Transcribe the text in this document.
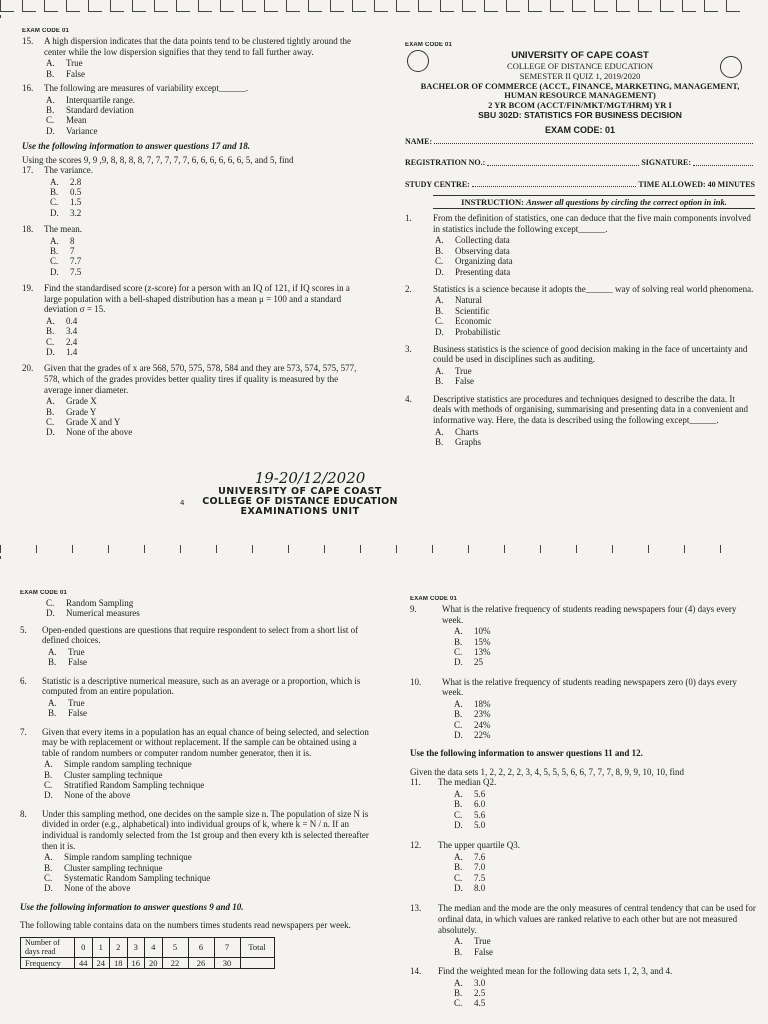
EXAM CODE 01
15.	A high dispersion indicates that the data points tend to be clustered tightly around the center while the low dispersion signifies that they tend to fall further away.
A.	True
B.	False
16.	The following are measures of variability except______.
A.	Interquartile range.
B.	Standard deviation
C.	Mean
D.	Variance
Use the following information to answer questions 17 and 18.
Using the scores 9, 9 ,9, 8, 8, 8, 8, 7, 7, 7, 7, 7, 6, 6, 6, 6, 6, 6, 5, and 5, find
17.	The variance.
A.	2.8
B.	0.5
C.	1.5
D.	3.2
18.	The mean.
A.	8
B.	7
C.	7.7
D.	7.5
19.	Find the standardised score (z-score) for a person with an IQ of 121, if IQ scores in a large population with a bell-shaped distribution has a mean μ = 100 and a standard deviation σ = 15.
A.	0.4
B.	3.4
C.	2.4
D.	1.4
20.	Given that the grades of x are 568, 570, 575, 578, 584 and they are 573, 574, 575, 577, 578, which of the grades provides better quality tires if quality is measured by the average inner diameter.
A.	Grade X
B.	Grade Y
C.	Grade X and Y
D.	None of the above
19-20/12/2020
UNIVERSITY OF CAPE COAST
COLLEGE OF DISTANCE EDUCATION
EXAMINATIONS UNIT
4
EXAM CODE 01
UNIVERSITY OF CAPE COAST
COLLEGE OF DISTANCE EDUCATION
SEMESTER II QUIZ 1, 2019/2020
BACHELOR OF COMMERCE (ACCT., FINANCE, MARKETING, MANAGEMENT,
HUMAN RESOURCE MANAGEMENT)
2 YR BCOM (ACCT/FIN/MKT/MGT/HRM) YR I
SBU 302D: STATISTICS FOR BUSINESS DECISION
EXAM CODE: 01
NAME:
REGISTRATION NO.:	SIGNATURE:
STUDY CENTRE:	TIME ALLOWED: 40 MINUTES
INSTRUCTION: Answer all questions by circling the correct option in ink.
1.	From the definition of statistics, one can deduce that the five main components involved in statistics include the following except______.
A.	Collecting data
B.	Observing data
C.	Organizing data
D.	Presenting data
2.	Statistics is a science because it adopts the______ way of solving real world phenomena.
A.	Natural
B.	Scientific
C.	Economic
D.	Probabilistic
3.	Business statistics is the science of good decision making in the face of uncertainty and could be used in disciplines such as auditing.
A.	True
B.	False
4.	Descriptive statistics are procedures and techniques designed to describe the data. It deals with methods of organising, summarising and presenting data in a convenient and informative way. Here, the data is described using the following except______.
A.	Charts
B.	Graphs
EXAM CODE 01
C.	Random Sampling
D.	Numerical measures
5.	Open-ended questions are questions that require respondent to select from a short list of defined choices.
A.	True
B.	False
6.	Statistic is a descriptive numerical measure, such as an average or a proportion, which is computed from an entire population.
A.	True
B.	False
7.	Given that every items in a population has an equal chance of being selected, and selection may be with replacement or without replacement. If the sample can be obtained using a table of random numbers or computer random number generator, then it is.
A.	Simple random sampling technique
B.	Cluster sampling technique
C.	Stratified Random Sampling technique
D.	None of the above
8.	Under this sampling method, one decides on the sample size n. The population of size N is divided in order (e.g., alphabetical) into individual groups of k, where k = N / n. If an individual is randomly selected from the 1st group and then every kth is selected thereafter then it is.
A.	Simple random sampling technique
B.	Cluster sampling technique
C.	Systematic Random Sampling technique
D.	None of the above
Use the following information to answer questions 9 and 10.
The following table contains data on the numbers times students read newspapers per week.
Number of days read	0	1	2	3	4	5	6	7	Total
Frequency	44	24	18	16	20	22	26	30	
EXAM CODE 01
9.	What is the relative frequency of students reading newspapers four (4) days every week.
A.	10%
B.	15%
C.	13%
D.	25
10.	What is the relative frequency of students reading newspapers zero (0) days every week.
A.	18%
B.	23%
C.	24%
D.	22%
Use the following information to answer questions 11 and 12.
Given the data sets 1, 2, 2, 2, 2, 3, 4, 5, 5, 5, 6, 6, 7, 7, 7, 8, 9, 9, 10, 10, find
11.	The median Q2.
A.	5.6
B.	6.0
C.	5.6
D.	5.0
12.	The upper quartile Q3.
A.	7.6
B.	7.0
C.	7.5
D.	8.0
13.	The median and the mode are the only measures of central tendency that can be used for ordinal data, in which values are ranked relative to each other but are not measured absolutely.
A.	True
B.	False
14.	Find the weighted mean for the following data sets 1, 2, 3, and 4.
A.	3.0
B.	2.5
C.	4.5
